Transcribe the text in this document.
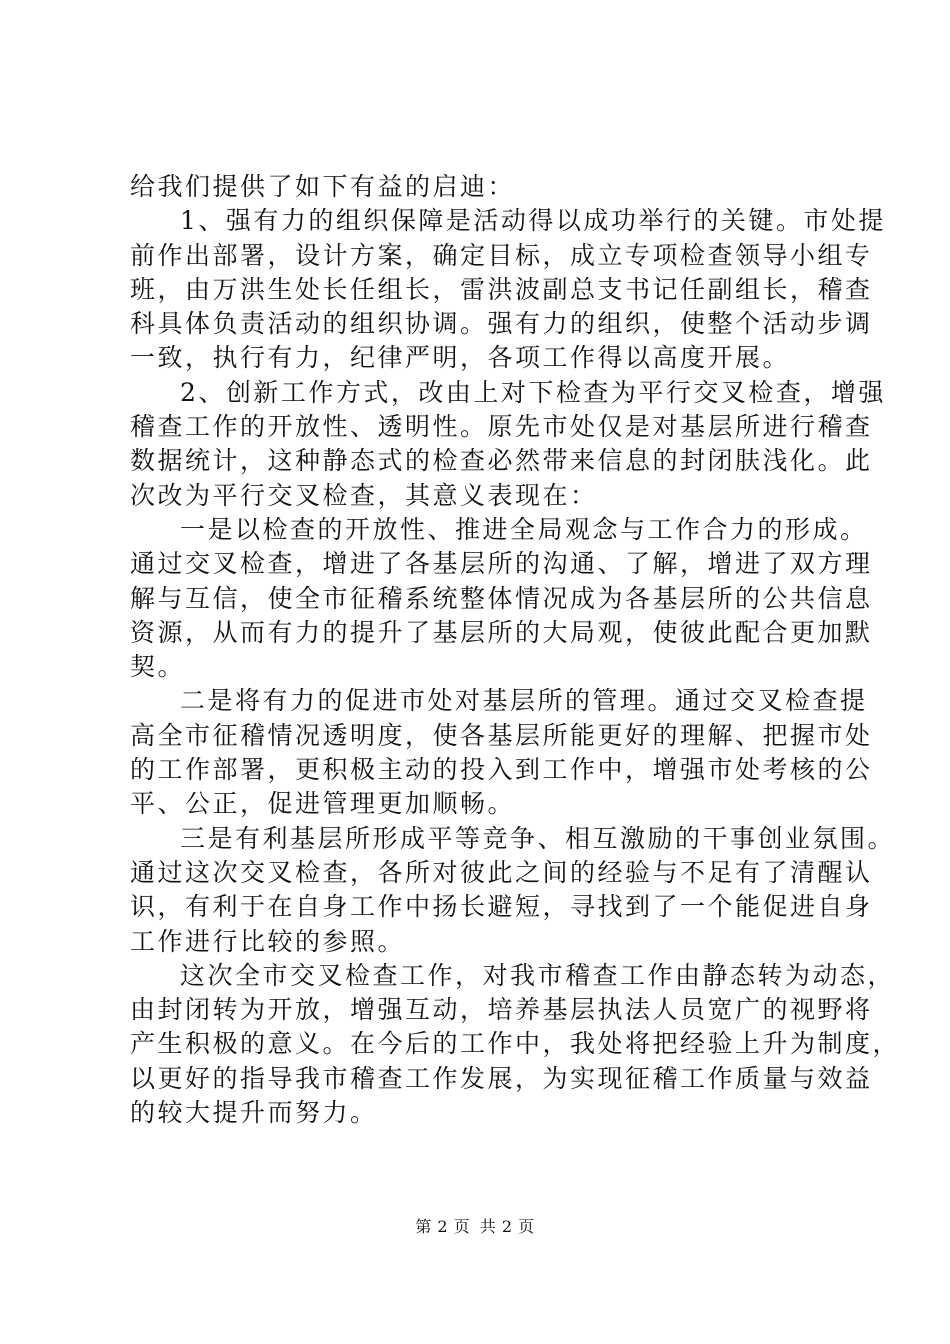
给我们提供了如下有益的启迪：
1、强有力的组织保障是活动得以成功举行的关键。市处提
前作出部署，设计方案，确定目标，成立专项检查领导小组专
班，由万洪生处长任组长，雷洪波副总支书记任副组长，稽查
科具体负责活动的组织协调。强有力的组织，使整个活动步调
一致，执行有力，纪律严明，各项工作得以高度开展。
2、创新工作方式，改由上对下检查为平行交叉检查，增强
稽查工作的开放性、透明性。原先市处仅是对基层所进行稽查
数据统计，这种静态式的检查必然带来信息的封闭肤浅化。此
次改为平行交叉检查，其意义表现在：
一是以检查的开放性、推进全局观念与工作合力的形成。
通过交叉检查，增进了各基层所的沟通、了解，增进了双方理
解与互信，使全市征稽系统整体情况成为各基层所的公共信息
资源，从而有力的提升了基层所的大局观，使彼此配合更加默
契。
二是将有力的促进市处对基层所的管理。通过交叉检查提
高全市征稽情况透明度，使各基层所能更好的理解、把握市处
的工作部署，更积极主动的投入到工作中，增强市处考核的公
平、公正，促进管理更加顺畅。
三是有利基层所形成平等竞争、相互激励的干事创业氛围。
通过这次交叉检查，各所对彼此之间的经验与不足有了清醒认
识，有利于在自身工作中扬长避短，寻找到了一个能促进自身
工作进行比较的参照。
这次全市交叉检查工作，对我市稽查工作由静态转为动态，
由封闭转为开放，增强互动，培养基层执法人员宽广的视野将
产生积极的意义。在今后的工作中，我处将把经验上升为制度，
以更好的指导我市稽查工作发展，为实现征稽工作质量与效益
的较大提升而努力。
第 2 页 共 2 页
